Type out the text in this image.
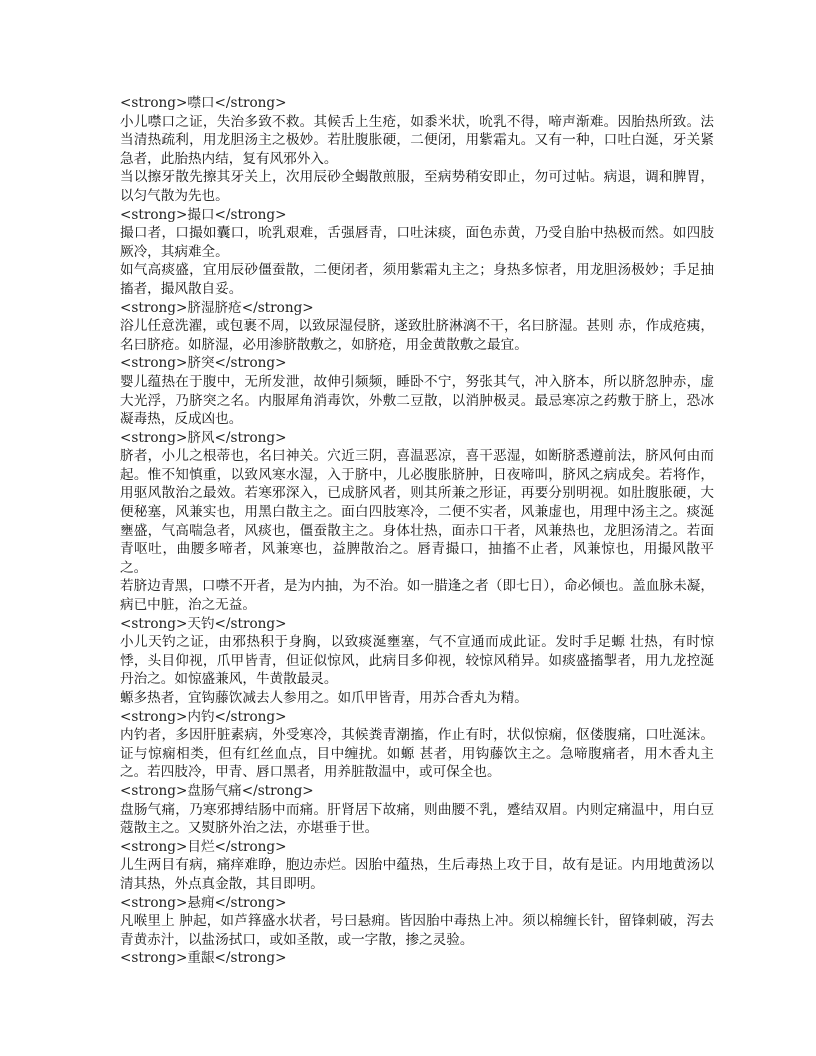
<strong>噤口</strong>

小儿噤口之证，失治多致不救。其候舌上生疮，如黍米状，吮乳不得，啼声渐难。因胎热所致。法当清热疏利，用龙胆汤主之极妙。若肚腹胀硬，二便闭，用紫霜丸。又有一种，口吐白涎，牙关紧急者，此胎热内结，复有风邪外入。

当以擦牙散先擦其牙关上，次用辰砂全蝎散煎服，至病势稍安即止，勿可过帖。病退，调和脾胃，以匀气散为先也。

<strong>撮口</strong>

撮口者，口撮如囊口，吮乳艰难，舌强唇青，口吐沫痰，面色赤黄，乃受自胎中热极而然。如四肢厥冷，其病难全。

如气高痰盛，宜用辰砂僵蚕散，二便闭者，须用紫霜丸主之；身热多惊者，用龙胆汤极妙；手足抽搐者，撮风散自妥。

<strong>脐湿脐疮</strong>

浴儿任意洗濯，或包裹不周，以致尿湿侵脐，遂致肚脐淋漓不干，名曰脐湿。甚则 赤，作成疮痍，名曰脐疮。如脐湿，必用渗脐散敷之，如脐疮，用金黄散敷之最宜。

<strong>脐突</strong>

婴儿蕴热在于腹中，无所发泄，故伸引频频，睡卧不宁，努张其气，冲入脐本，所以脐忽肿赤，虚大光浮，乃脐突之名。内服犀角消毒饮，外敷二豆散，以消肿极灵。最忌寒凉之药敷于脐上，恐冰凝毒热，反成凶也。

<strong>脐风</strong>

脐者，小儿之根蒂也，名曰神关。穴近三阴，喜温恶凉，喜干恶湿，如断脐悉遵前法，脐风何由而起。惟不知慎重，以致风寒水湿，入于脐中，儿必腹胀脐肿，日夜啼叫，脐风之病成矣。若将作，用驱风散治之最效。若寒邪深入，已成脐风者，则其所兼之形证，再要分别明视。如肚腹胀硬，大便秘塞，风兼实也，用黑白散主之。面白四肢寒冷，二便不实者，风兼虚也，用理中汤主之。痰涎壅盛，气高喘急者，风痰也，僵蚕散主之。身体壮热，面赤口干者，风兼热也，龙胆汤清之。若面青呕吐，曲腰多啼者，风兼寒也，益脾散治之。唇青撮口，抽搐不止者，风兼惊也，用撮风散平之。

若脐边青黑，口噤不开者，是为内抽，为不治。如一腊逢之者（即七日），命必倾也。盖血脉未凝，病已中脏，治之无益。

<strong>天钓</strong>

小儿天钓之证，由邪热积于身胸，以致痰涎壅塞，气不宣通而成此证。发时手足螈 壮热，有时惊悸，头目仰视，爪甲皆青，但证似惊风，此病目多仰视，较惊风稍异。如痰盛搐掣者，用九龙控涎丹治之。如惊盛兼风，牛黄散最灵。

螈多热者，宜钩藤饮减去人参用之。如爪甲皆青，用苏合香丸为精。

<strong>内钓</strong>

内钓者，多因肝脏素病，外受寒冷，其候粪青潮搐，作止有时，状似惊痫，伛偻腹痛，口吐涎沫。证与惊痫相类，但有红丝血点，目中缠扰。如螈 甚者，用钩藤饮主之。急啼腹痛者，用木香丸主之。若四肢冷，甲青、唇口黑者，用养脏散温中，或可保全也。

<strong>盘肠气痛</strong>

盘肠气痛，乃寒邪搏结肠中而痛。肝肾居下故痛，则曲腰不乳，蹙结双眉。内则定痛温中，用白豆蔻散主之。又熨脐外治之法，亦堪垂于世。

<strong>目烂</strong>

儿生两目有病，痛痒难睁，胞边赤烂。因胎中蕴热，生后毒热上攻于目，故有是证。内用地黄汤以清其热，外点真金散，其目即明。

<strong>悬痈</strong>

凡喉里上 肿起，如芦箨盛水状者，号曰悬痈。皆因胎中毒热上冲。须以棉缠长针，留锋刺破，泻去青黄赤汁，以盐汤拭口，或如圣散，或一字散，掺之灵验。

<strong>重龈</strong>
